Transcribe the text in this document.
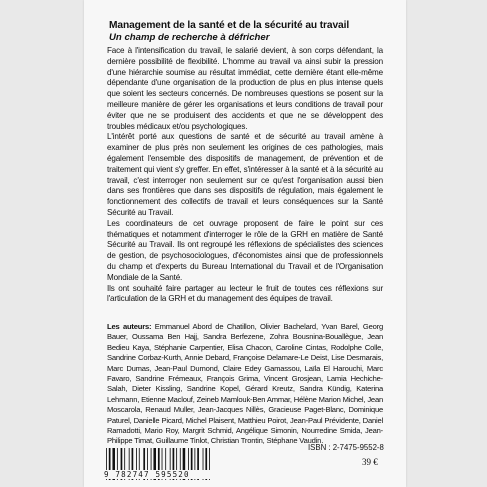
Management de la santé et de la sécurité au travail
Un champ de recherche à défricher

Face à l'intensification du travail, le salarié devient, à son corps défendant, la dernière possibilité de flexibilité. L'homme au travail va ainsi subir la pression d'une hiérarchie soumise au résultat immédiat, cette dernière étant elle-même dépendante d'une organisation de la production de plus en plus intense quels que soient les secteurs concernés. De nombreuses questions se posent sur la meilleure manière de gérer les organisations et leurs conditions de travail pour éviter que ne se produisent des accidents et que ne se développent des troubles médicaux et/ou psychologiques.

L'intérêt porté aux questions de santé et de sécurité au travail amène à examiner de plus près non seulement les origines de ces pathologies, mais également l'ensemble des dispositifs de management, de prévention et de traitement qui vient s'y greffer. En effet, s'intéresser à la santé et à la sécurité au travail, c'est interroger non seulement sur ce qu'est l'organisation aussi bien dans ses frontières que dans ses dispositifs de régulation, mais également le fonctionnement des collectifs de travail et leurs conséquences sur la Santé Sécurité au Travail.

Les coordinateurs de cet ouvrage proposent de faire le point sur ces thématiques et notamment d'interroger le rôle de la GRH en matière de Santé Sécurité au Travail. Ils ont regroupé les réflexions de spécialistes des sciences de gestion, de psychosociologues, d'économistes ainsi que de professionnels du champ et d'experts du Bureau International du Travail et de l'Organisation Mondiale de la Santé.

Ils ont souhaité faire partager au lecteur le fruit de toutes ces réflexions sur l'articulation de la GRH et du management des équipes de travail.

Les auteurs: Emmanuel Abord de Chatillon, Olivier Bachelard, Yvan Barel, Georg Bauer, Oussama Ben Hajj, Sandra Berfezene, Zohra Bousnina-Bouallègue, Jean Bedieu Kaya, Stéphanie Carpentier, Elisa Chacon, Caroline Cintas, Rodolphe Colle, Sandrine Corbaz-Kurth, Annie Debard, Françoise Delamare-Le Deist, Lise Desmarais, Marc Dumas, Jean-Paul Dumond, Claire Edey Gamassou, Laïla El Harouchi, Marc Favaro, Sandrine Frémeaux, François Grima, Vincent Grosjean, Lamia Hechiche-Salah, Dieter Kissling, Sandrine Kopel, Gérard Kreutz, Sandra Kündig, Katerina Lehmann, Etienne Maclouf, Zeineb Mamlouk-Ben Ammar, Hélène Marion Michel, Jean Moscarola, Renaud Muller, Jean-Jacques Nillès, Gracieuse Paget-Blanc, Dominique Paturel, Danielle Picard, Michel Plaisent, Matthieu Poirot, Jean-Paul Prévidente, Daniel Ramadotti, Mario Roy, Margrit Schmid, Angélique Simonin, Nourredine Smida, Jean-Philippe Timat, Guillaume Tinlot, Christian Trontin, Stéphane Vaudin.
9 782747 595520
ISBN : 2-7475-9552-8
39 €
